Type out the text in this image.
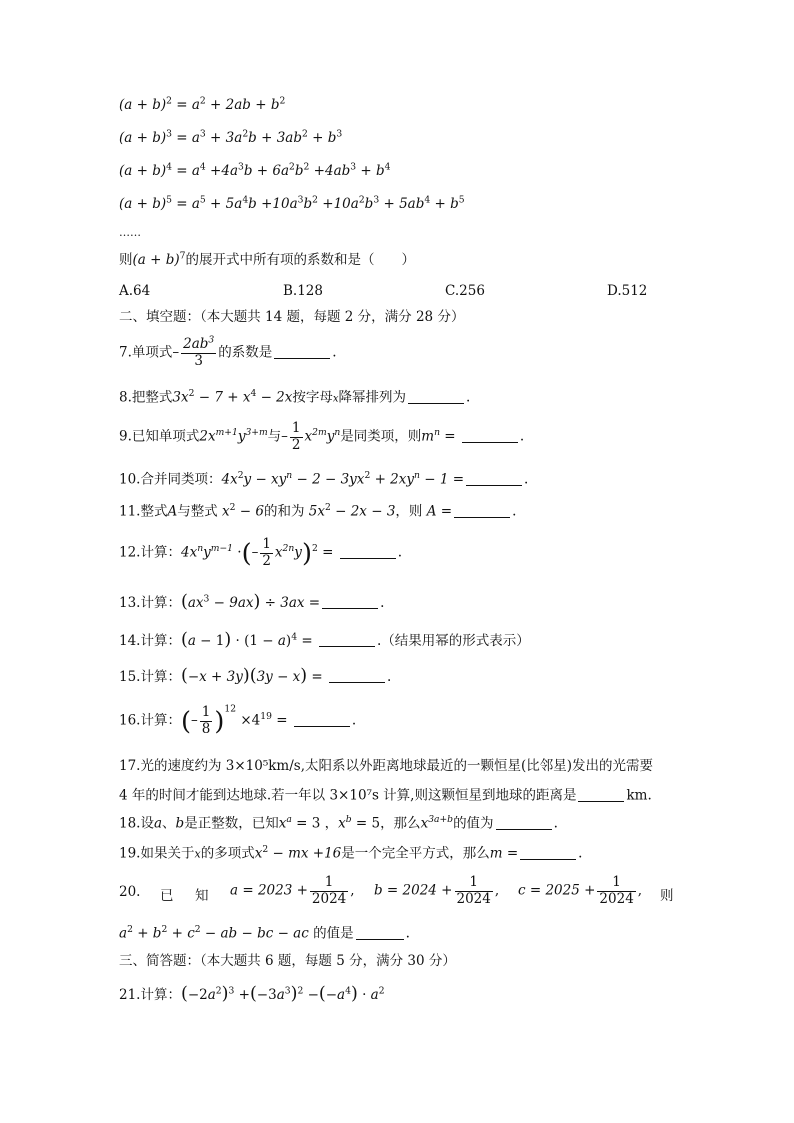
$(a + b)^2 = a^2 + 2ab + b^2$
$(a + b)^3 = a^3 + 3a^2b + 3ab^2 + b^3$
$(a + b)^4 = a^4 +4a^3b + 6a^2b^2 +4ab^3 + b^4$
$(a + b)^5 = a^5 + 5a^4b +10a^3b^2 +10a^2b^3 + 5ab^4 + b^5$
……
则$(a + b)^7$的展开式中所有项的系数和是（　　）
A.64	B.128	C.256	D.512
二、填空题：（本大题共 14 题，每题 2 分，满分 28 分）
7.单项式– $\frac{2ab^3}{3}$ 的系数是	.
8.把整式$3x^2 - 7 + x^4 - 2x$按字母x降幂排列为	.
9.已知单项式$2x^{m+1}y^{3+m}$与– $\frac{1}{2} x^{2m}y^n$是同类项，则$m^n$ =	.
10.合并同类项：$4x^2y - xy^n - 2 - 3yx^2 + 2xy^n - 1$ =	.
11.整式A与整式 $x^2 - 6$的和为 $5x^2 - 2x - 3$，则 A =	.
12.计算：$4x^ny^{m-1}$ ·(– $\frac{1}{2} x^{2n}y)^2$ =	.
13.计算：$(ax^3 - 9ax) \div 3ax$ =	.
14.计算：$(a - 1) \cdot (1 - a)^4$ =	.（结果用幂的形式表示）
15.计算：(−x + 3y)(3y − x) =	.
16.计算：(– $\frac{1}{8} )^{12} \times 4^{19}$ =	.
17.光的速度约为 3×10⁵km/s,太阳系以外距离地球最近的一颗恒星(比邻星)发出的光需要
4 年的时间才能到达地球.若一年以 3×10⁷s 计算,则这颗恒星到地球的距离是	km.
18.设a、b是正整数，已知$x^a = 3$ ，$x^b = 5$，那么$x^{3a+b}$的值为	.
19.如果关于x的多项式$x^2$ − mx +16是一个完全平方式，那么m =	.
20. 已 知 $a = 2023 + \frac{1}{2024}$ , $b = 2024 + \frac{1}{2024}$ , $c = 2025 + \frac{1}{2024}$ , 则
$a^2 + b^2 + c^2$ − ab − bc − ac 的值是	.
三、简答题：（本大题共 6 题，每题 5 分，满分 30 分）
21.计算：$(-2a^2)^3 +(-3a^3)^2 -(-a^4) \cdot a^2$
